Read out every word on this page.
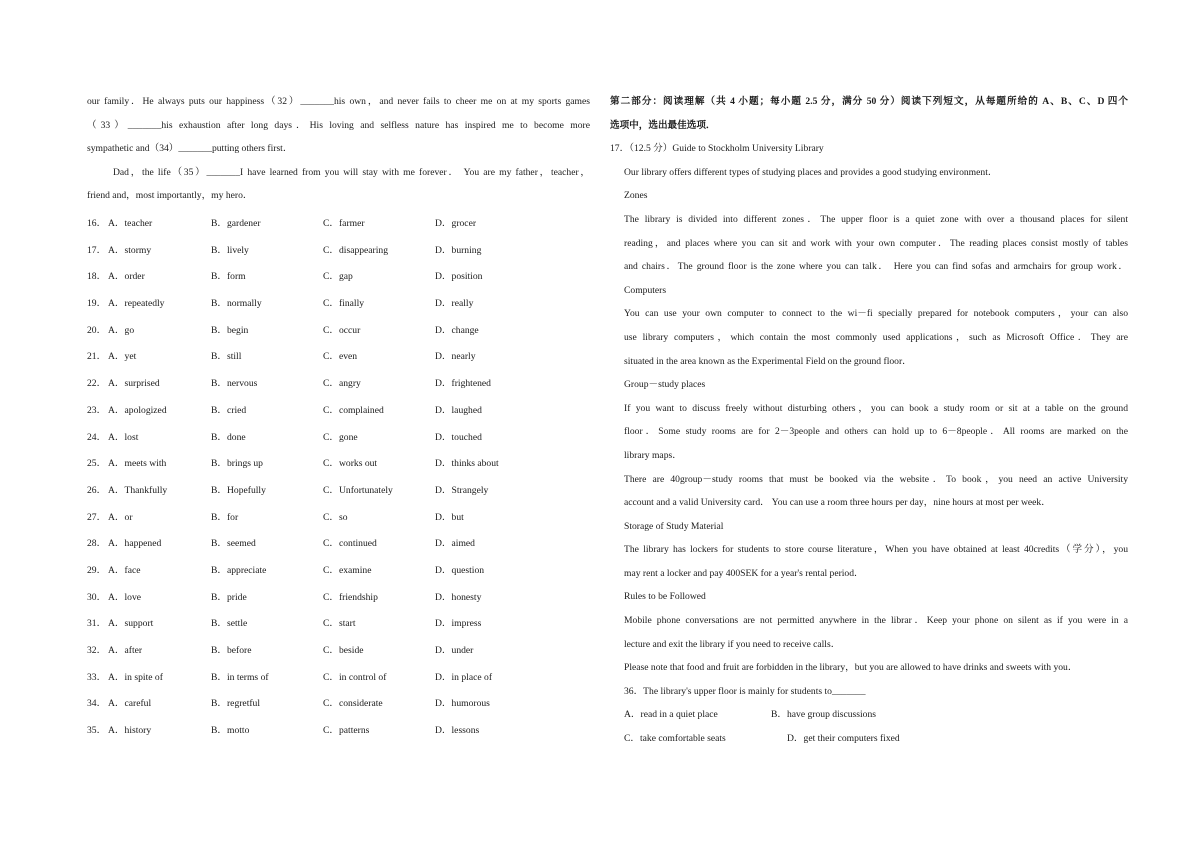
our family．He always puts our happiness（32）_______his own，and never fails to cheer me on at my sports games

（33）_______his exhaustion after long days．His loving and selfless nature has inspired me to become more

sympathetic and（34）_______putting others first．

Dad，the life（35）_______I have learned from you will stay with me forever． You are my father，teacher，

friend and，most importantly，my hero．

16． A．teacher	B．gardener	C．farmer	D．grocer
17． A．stormy	B．lively	C．disappearing	D．burning
18． A．order	B．form	C．gap	D．position
19． A．repeatedly	B．normally	C．finally	D．really
20． A．go	B．begin	C．occur	D．change
21． A．yet	B．still	C．even	D．nearly
22． A．surprised	B．nervous	C．angry	D．frightened
23． A．apologized	B．cried	C．complained	D．laughed
24． A．lost	B．done	C．gone	D．touched
25． A．meets with	B．brings up	C．works out	D．thinks about
26． A．Thankfully	B．Hopefully	C．Unfortunately	D．Strangely
27． A．or	B．for	C．so	D．but
28． A．happened	B．seemed	C．continued	D．aimed
29． A．face	B．appreciate	C．examine	D．question
30． A．love	B．pride	C．friendship	D．honesty
31． A．support	B．settle	C．start	D．impress
32． A．after	B．before	C．beside	D．under
33． A．in spite of	B．in terms of	C．in control of	D．in place of
34． A．careful	B．regretful	C．considerate	D．humorous
35． A．history	B．motto	C．patterns	D．lessons

第二部分：阅读理解（共 4 小题；每小题 2.5 分，满分 50 分）阅读下列短文，从每题所给的 A、B、C、D 四个

选项中，选出最佳选项．

17．（12.5 分）Guide to Stockholm University Library

Our library offers different types of studying places and provides a good studying environment．

Zones

The library is divided into different zones．The upper floor is a quiet zone with over a thousand places for silent

reading，and places where you can sit and work with your own computer．The reading places consist mostly of tables

and chairs．The ground floor is the zone where you can talk． Here you can find sofas and armchairs for group work．

Computers

You can use your own computer to connect to the wi－fi specially prepared for notebook computers，your can also

use library computers，which contain the most commonly used applications，such as Microsoft Office．They are

situated in the area known as the Experimental Field on the ground floor．

Group－study places

If you want to discuss freely without disturbing others，you can book a study room or sit at a table on the ground

floor．Some study rooms are for 2－3people and others can hold up to 6－8people．All rooms are marked on the

library maps．

There are 40group－study rooms that must be booked via the website．To book，you need an active University

account and a valid University card． You can use a room three hours per day，nine hours at most per week．

Storage of Study Material

The library has lockers for students to store course literature，When you have obtained at least 40credits（学分），you

may rent a locker and pay 400SEK for a year's rental period．

Rules to be Followed

Mobile phone conversations are not permitted anywhere in the librar．Keep your phone on silent as if you were in a

lecture and exit the library if you need to receive calls．

Please note that food and fruit are forbidden in the library，but you are allowed to have drinks and sweets with you．

36．The library's upper floor is mainly for students to_______

A．read in a quiet place	B．have group discussions
C．take comfortable seats	D．get their computers fixed
